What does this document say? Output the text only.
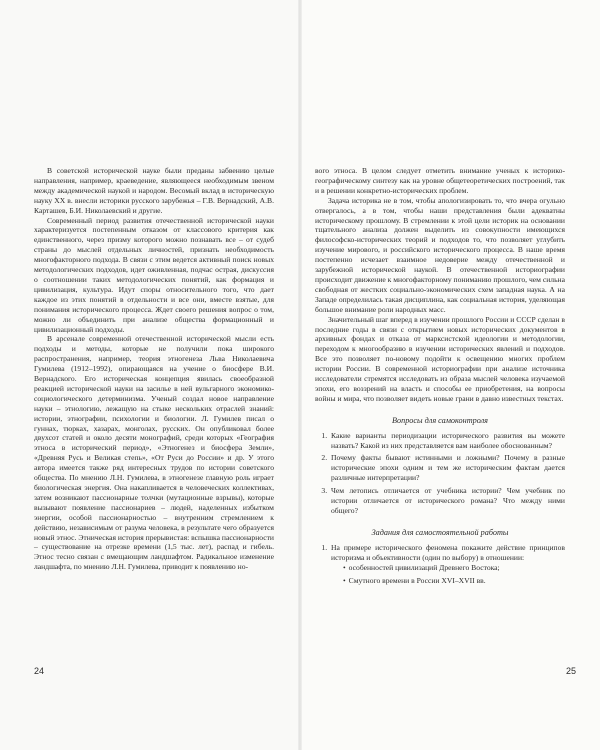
В советской исторической науке были преданы забвению целые направления, например, краеведение, являющееся необходимым звеном между академической наукой и народом. Весомый вклад в историческую науку XX в. внесли историки русского зарубежья – Г.В. Вернадский, А.В. Карташев, Б.И. Николаевский и другие.

Современный период развития отечественной исторической науки характеризуется постепенным отказом от классового критерия как единственного, через призму которого можно познавать все – от судеб страны до мыслей отдельных личностей, признать необходимость многофакторного подхода. В связи с этим ведется активный поиск новых методологических подходов, идет оживленная, подчас острая, дискуссия о соотношении таких методологических понятий, как формация и цивилизация, культура. Идут споры относительного того, что дает каждое из этих понятий в отдельности и все они, вместе взятые, для понимания исторического процесса. Ждет своего решения вопрос о том, можно ли объединить при анализе общества формационный и цивилизационный подходы.

В арсенале современной отечественной исторической мысли есть подходы и методы, которые не получили пока широкого распространения, например, теория этногенеза Льва Николаевича Гумилева (1912–1992), опирающаяся на учение о биосфере В.И. Вернадского. Его историческая концепция явилась своеобразной реакцией исторической науки на засилье в ней вульгарного экономико-социологического детерминизма. Ученый создал новое направление науки – этнологию, лежащую на стыке нескольких отраслей знаний: истории, этнографии, психологии и биологии. Л. Гумилев писал о гуннах, тюрках, хазарах, монголах, русских. Он опубликовал более двухсот статей и около десяти монографий, среди которых «География этноса в исторический период», «Этногенез и биосфера Земли», «Древняя Русь и Великая степь», «От Руси до России» и др. У этого автора имеется также ряд интересных трудов по истории советского общества. По мнению Л.Н. Гумилева, в этногенезе главную роль играет биологическая энергия. Она накапливается в человеческих коллективах, затем возникают пассионарные толчки (мутационные взрывы), которые вызывают появление пассионариев – людей, наделенных избытком энергии, особой пассионарностью – внутренним стремлением к действию, независимым от разума человека, в результате чего образуется новый этнос. Этническая история прерывистая: вспышка пассионарности – существование на отрезке времени (1,5 тыс. лет), распад и гибель. Этнос тесно связан с вмещающим ландшафтом. Радикальное изменение ландшафта, по мнению Л.Н. Гумилева, приводит к появлению но-

24

вого этноса. В целом следует отметить внимание ученых к историко-географическому синтезу как на уровне общетеоретических построений, так и в решении конкретно-исторических проблем.

Задача историка не в том, чтобы апологизировать то, что вчера огульно отвергалось, а в том, чтобы наши представления были адекватны историческому прошлому. В стремлении к этой цели историк на основании тщательного анализа должен выделить из совокупности имеющихся философско-исторических теорий и подходов то, что позволяет углубить изучение мирового, и российского исторического процесса. В наше время постепенно исчезает взаимное недоверие между отечественной и зарубежной исторической наукой. В отечественной историографии происходит движение к многофакторному пониманию прошлого, чем сильна свободная от жестких социально-экономических схем западная наука. А на Западе определилась такая дисциплина, как социальная история, уделяющая большое внимание роли народных масс.

Значительный шаг вперед в изучении прошлого России и СССР сделан в последние годы в связи с открытием новых исторических документов в архивных фондах и отказа от марксистской идеологии и методологии, переходом к многообразию в изучении исторических явлений и подходов. Все это позволяет по-новому подойти к освещению многих проблем истории России. В современной историографии при анализе источника исследователи стремятся исследовать из образа мыслей человека изучаемой эпохи, его воззрений на власть и способы ее приобретения, на вопросы войны и мира, что позволяет видеть новые грани в давно известных текстах.

Вопросы для самоконтроля
1. Какие варианты периодизации исторического развития вы можете назвать? Какой из них представляется вам наиболее обоснованным?
2. Почему факты бывают истинными и ложными? Почему в разные исторические эпохи одним и тем же историческим фактам дается различные интерпретации?
3. Чем летопись отличается от учебника истории? Чем учебник по истории отличается от исторического романа? Что между ними общего?
Задания для самостоятельной работы
1. На примере исторического феномена покажите действие принципов историзма и объективности (один по выбору) в отношении:
• особенностей цивилизаций Древнего Востока;
• Смутного времени в России XVI–XVII вв.
25
